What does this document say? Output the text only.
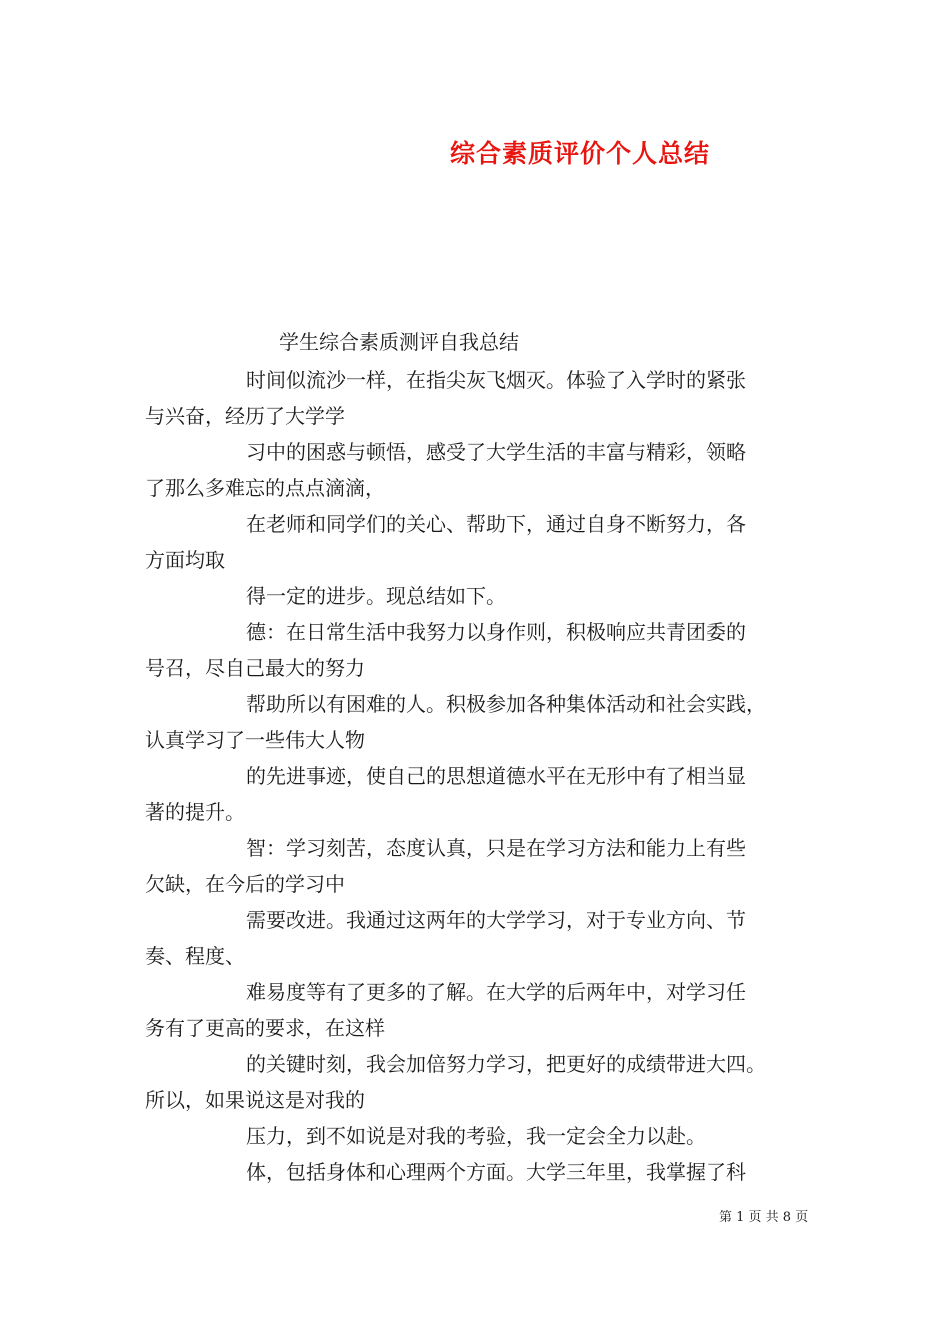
综合素质评价个人总结
学生综合素质测评自我总结

时间似流沙一样，在指尖灰飞烟灭。体验了入学时的紧张
与兴奋，经历了大学学

习中的困惑与顿悟，感受了大学生活的丰富与精彩，领略
了那么多难忘的点点滴滴，

在老师和同学们的关心、帮助下，通过自身不断努力，各
方面均取

得一定的进步。现总结如下。

德：在日常生活中我努力以身作则，积极响应共青团委的
号召，尽自己最大的努力

帮助所以有困难的人。积极参加各种集体活动和社会实践，
认真学习了一些伟大人物

的先进事迹，使自己的思想道德水平在无形中有了相当显
著的提升。

智：学习刻苦，态度认真，只是在学习方法和能力上有些
欠缺，在今后的学习中

需要改进。我通过这两年的大学学习，对于专业方向、节
奏、程度、

难易度等有了更多的了解。在大学的后两年中，对学习任
务有了更高的要求，在这样

的关键时刻，我会加倍努力学习，把更好的成绩带进大四。
所以，如果说这是对我的

压力，到不如说是对我的考验，我一定会全力以赴。

体，包括身体和心理两个方面。大学三年里，我掌握了科

第 1 页 共 8 页
